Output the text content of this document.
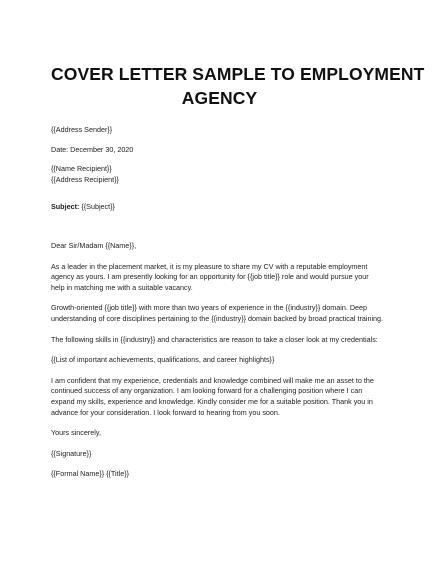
COVER LETTER SAMPLE TO EMPLOYMENT
AGENCY

{{Address Sender}}

Date: December 30, 2020

{{Name Recipient}}
{{Address Recipient}}

Subject: {{Subject}}

Dear Sir/Madam {{Name}},

As a leader in the placement market, it is my pleasure to share my CV with a reputable employment
agency as yours. I am presently looking for an opportunity for {{job title}} role and would pursue your
help in matching me with a suitable vacancy.

Growth-oriented {{job title}} with more than two years of experience in the {{industry}} domain. Deep
understanding of core disciplines pertaining to the {{industry}} domain backed by broad practical training.

The following skills in {{industry}} and characteristics are reason to take a closer look at my credentials:

{{List of important achievements, qualifications, and career highlights}}

I am confident that my experience, credentials and knowledge combined will make me an asset to the
continued success of any organization. I am looking forward for a challenging position where I can
expand my skills, experience and knowledge. Kindly consider me for a suitable position. Thank you in
advance for your consideration. I look forward to hearing from you soon.

Yours sincerely,

{{Signature}}

{{Formal Name}} {{Title}}
